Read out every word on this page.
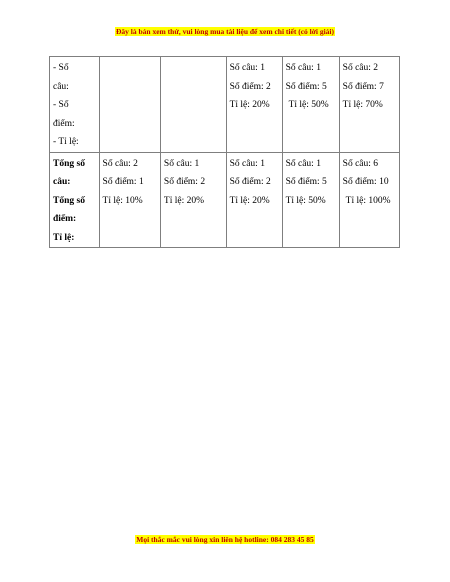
Đây là bản xem thử, vui lòng mua tài liệu để xem chi tiết (có lời giải)
- Số
câu:
- Số
điểm:
- Tỉ lệ:			Số câu: 1
Số điểm: 2
Tỉ lệ: 20%	Số câu: 1
Số điểm: 5
Tỉ lệ: 50%	Số câu: 2
Số điểm: 7
Tỉ lệ: 70%

Tổng số
câu:
Tổng số
điểm:
Tỉ lệ:	Số câu: 2
Số điểm: 1
Tỉ lệ: 10%	Số câu: 1
Số điểm: 2
Tỉ lệ: 20%	Số câu: 1
Số điểm: 2
Tỉ lệ: 20%	Số câu: 1
Số điểm: 5
Tỉ lệ: 50%	Số câu: 6
Số điểm: 10
Tỉ lệ: 100%
Mọi thắc mắc vui lòng xin liên hệ hotline: 084 283 45 85
